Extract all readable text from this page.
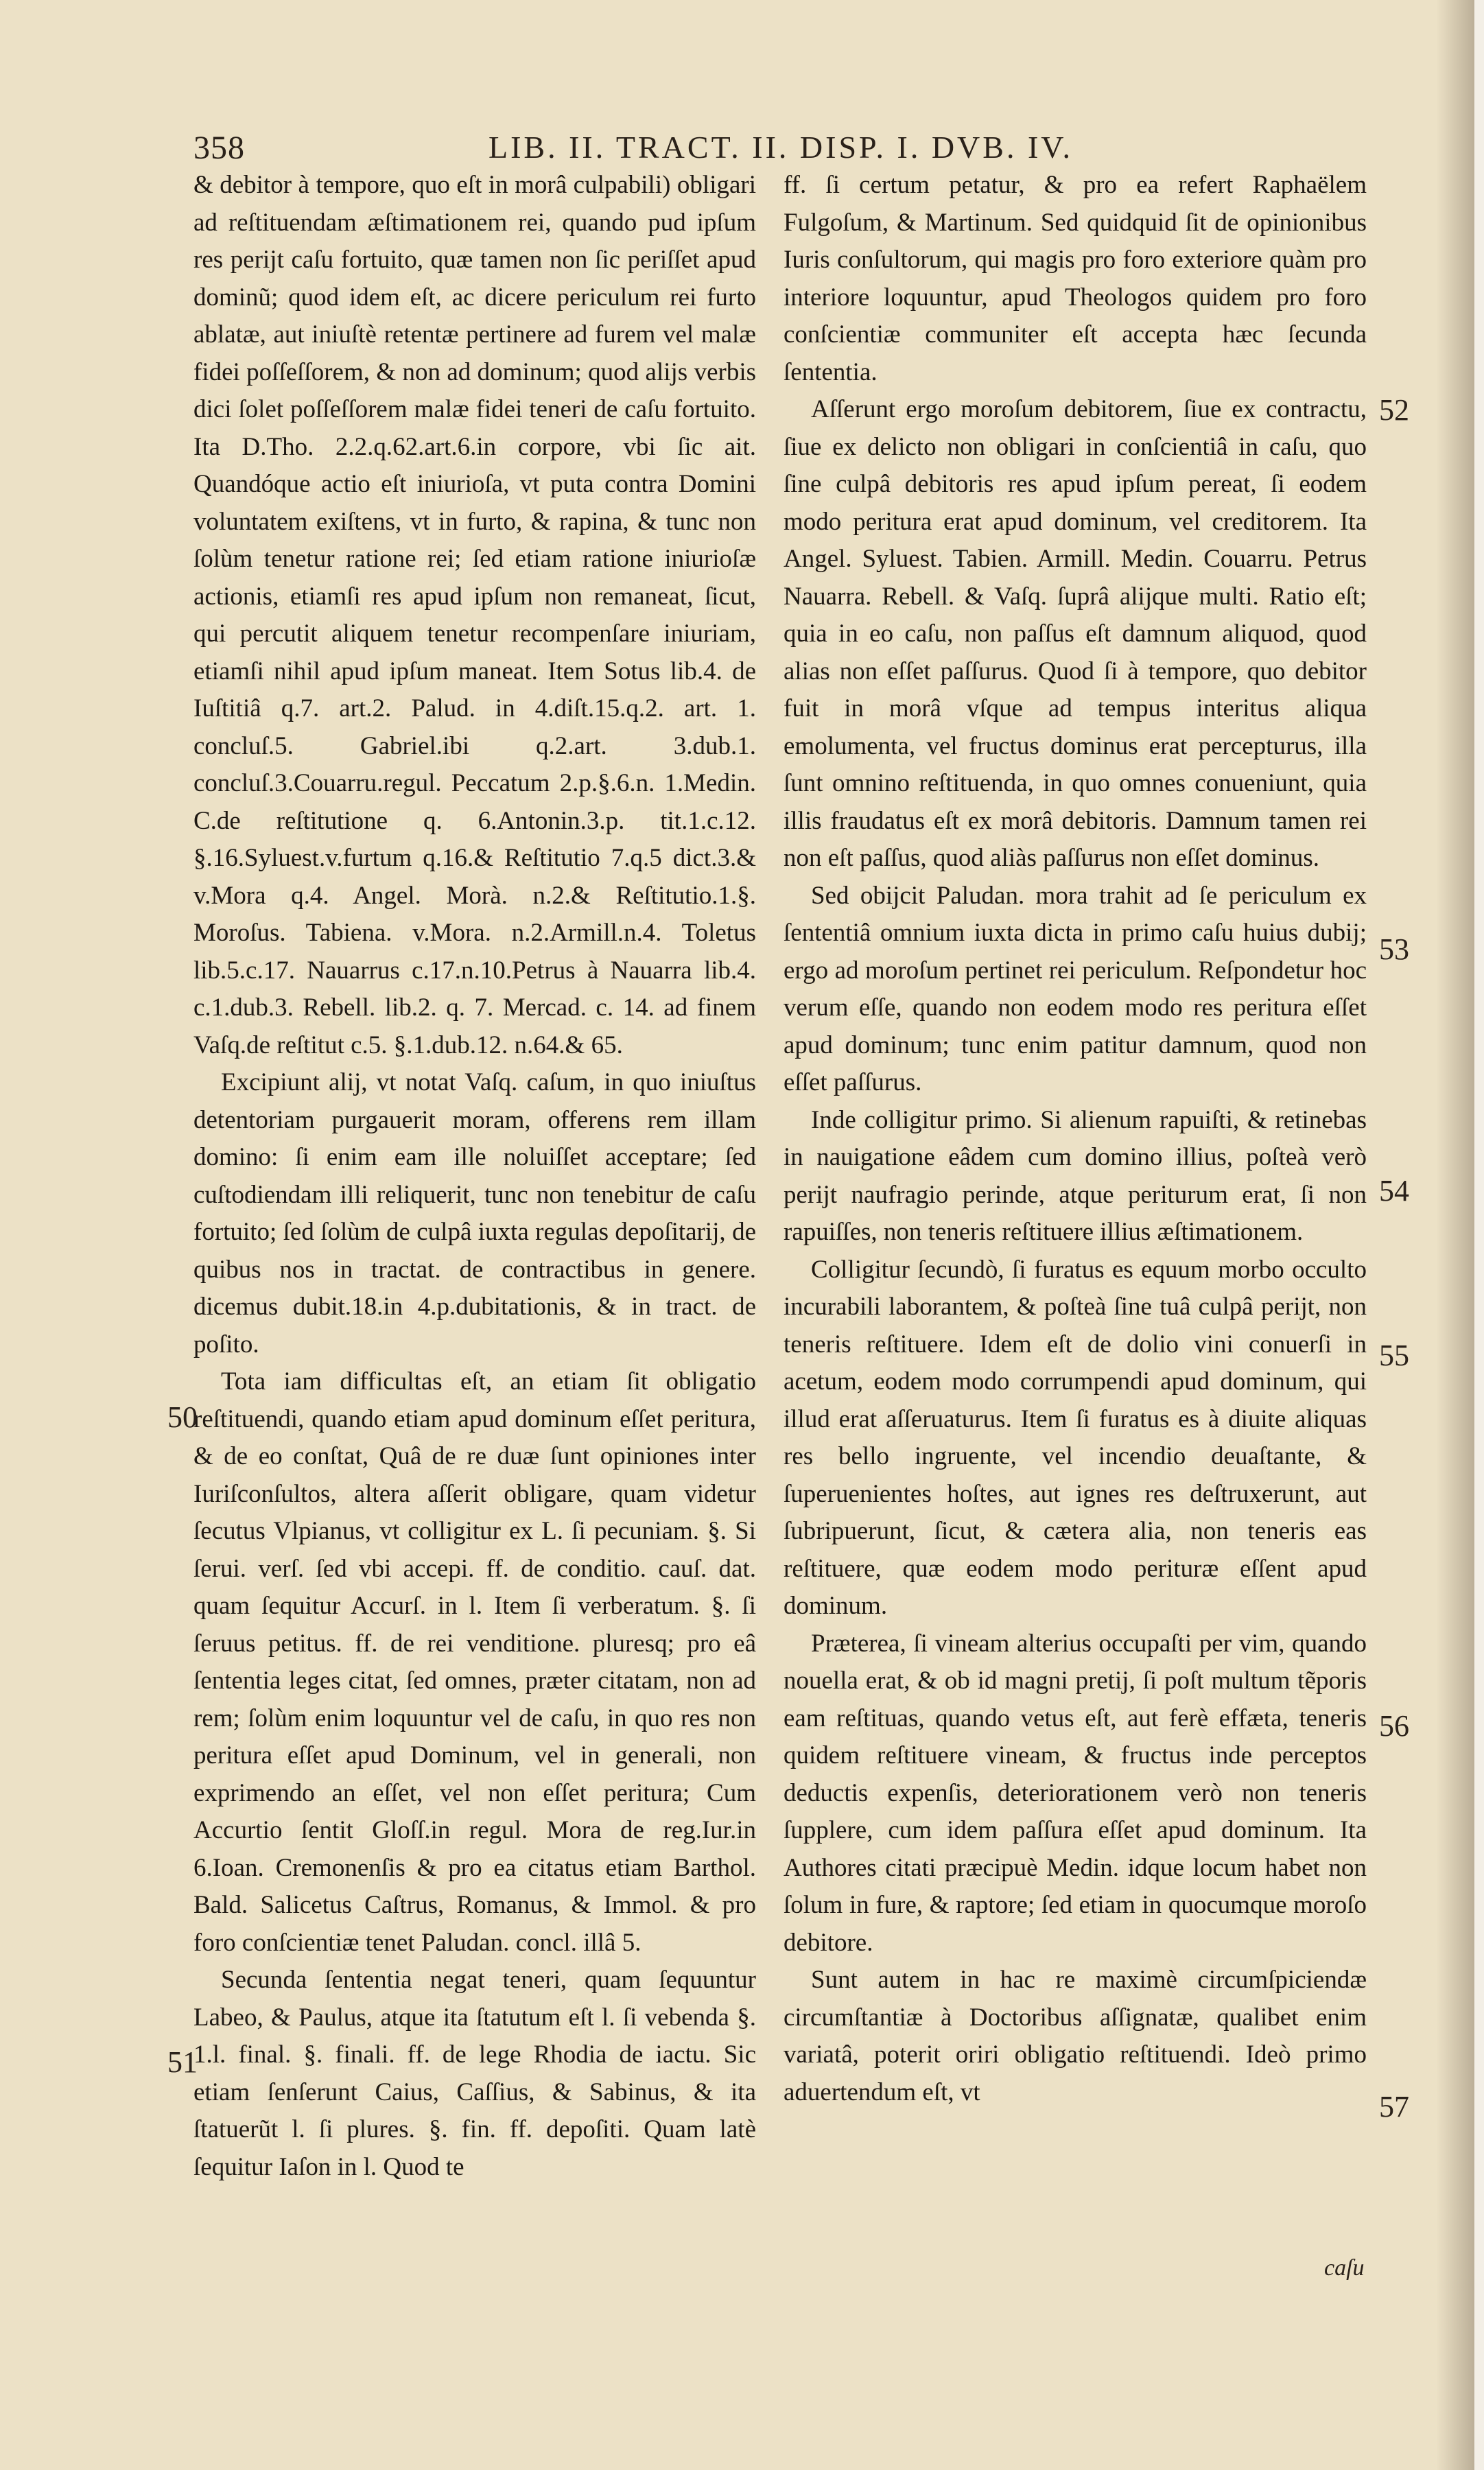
358	LIB. II. TRACT. II. DISP. I. DVB. IV.

& debitor à tempore, quo eſt in morâ culpabili) obligari ad reſtituendam æſtimationem rei, quando pud ipſum res perijt caſu fortuito, quæ tamen non ſic periſſet apud dominũ; quod idem eſt, ac dicere periculum rei furto ablatæ, aut iniuſtè retentæ pertinere ad furem vel malæ fidei poſſeſſorem, & non ad dominum; quod alijs verbis dici ſolet poſſeſſorem malæ fidei teneri de caſu fortuito. Ita D.Tho. 2.2.q.62.art.6.in corpore, vbi ſic ait. Quandóque actio eſt iniurioſa, vt puta contra Domini voluntatem exiſtens, vt in furto, & rapina, & tunc non ſolùm tenetur ratione rei; ſed etiam ratione iniurioſæ actionis, etiamſi res apud ipſum non remaneat, ſicut, qui percutit aliquem tenetur recompenſare iniuriam, etiamſi nihil apud ipſum maneat. Item Sotus lib.4. de Iuſtitiâ q.7. art.2. Palud. in 4.diſt.15.q.2. art. 1. concluſ.5. Gabriel.ibi q.2.art. 3.dub.1. concluſ.3.Couarru.regul. Peccatum 2.p.§.6.n. 1.Medin. C.de reſtitutione q. 6.Antonin.3.p. tit.1.c.12. §.16.Syluest.v.furtum q.16.& Reſtitutio 7.q.5 dict.3.& v.Mora q.4. Angel. Morà. n.2.& Reſtitutio.1.§. Moroſus. Tabiena. v.Mora. n.2.Armill.n.4. Toletus lib.5.c.17. Nauarrus c.17.n.10.Petrus à Nauarra lib.4. c.1.dub.3. Rebell. lib.2. q. 7. Mercad. c. 14. ad finem Vaſq.de reſtitut c.5. §.1.dub.12. n.64.& 65.

Excipiunt alij, vt notat Vaſq. caſum, in quo iniuſtus detentoriam purgauerit moram, offerens rem illam domino: ſi enim eam ille noluiſſet acceptare; ſed cuſtodiendam illi reliquerit, tunc non tenebitur de caſu fortuito; ſed ſolùm de culpâ iuxta regulas depoſitarij, de quibus nos in tractat. de contractibus in genere. dicemus dubit.18.in 4.p.dubitationis, & in tract. de poſito.

Tota iam difficultas eſt, an etiam ſit obligatio reſtituendi, quando etiam apud dominum eſſet peritura, & de eo conſtat, Quâ de re duæ ſunt opiniones inter Iuriſconſultos, altera aſſerit obligare, quam videtur ſecutus Vlpianus, vt colligitur ex L. ſi pecuniam. §. Si ſerui. verſ. ſed vbi accepi. ff. de conditio. cauſ. dat. quam ſequitur Accurſ. in l. Item ſi verberatum. §. ſi ſeruus petitus. ff. de rei venditione. pluresq; pro eâ ſententia leges citat, ſed omnes, præter citatam, non ad rem; ſolùm enim loquuntur vel de caſu, in quo res non peritura eſſet apud Dominum, vel in generali, non exprimendo an eſſet, vel non eſſet peritura; Cum Accurtio ſentit Gloſſ.in regul. Mora de reg.Iur.in 6.Ioan. Cremonenſis & pro ea citatus etiam Barthol. Bald. Salicetus Caſtrus, Romanus, & Immol. & pro foro conſcientiæ tenet Paludan. concl. illâ 5.

Secunda ſententia negat teneri, quam ſequuntur Labeo, & Paulus, atque ita ſtatutum eſt l. ſi vebenda §. 1.l. final. §. finali. ff. de lege Rhodia de iactu. Sic etiam ſenſerunt Caius, Caſſius, & Sabinus, & ita ſtatuerũt l. ſi plures. §. fin. ff. depoſiti. Quam latè ſequitur Iaſon in l. Quod te

ff. ſi certum petatur, & pro ea refert Raphaëlem Fulgoſum, & Martinum. Sed quidquid ſit de opinionibus Iuris conſultorum, qui magis pro foro exteriore quàm pro interiore loquuntur, apud Theologos quidem pro foro conſcientiæ communiter eſt accepta hæc ſecunda ſententia.

Aſſerunt ergo moroſum debitorem, ſiue ex contractu, ſiue ex delicto non obligari in conſcientiâ in caſu, quo ſine culpâ debitoris res apud ipſum pereat, ſi eodem modo peritura erat apud dominum, vel creditorem. Ita Angel. Syluest. Tabien. Armill. Medin. Couarru. Petrus Nauarra. Rebell. & Vaſq. ſuprâ alijque multi. Ratio eſt; quia in eo caſu, non paſſus eſt damnum aliquod, quod alias non eſſet paſſurus. Quod ſi à tempore, quo debitor fuit in morâ vſque ad tempus interitus aliqua emolumenta, vel fructus dominus erat percepturus, illa ſunt omnino reſtituenda, in quo omnes conueniunt, quia illis fraudatus eſt ex morâ debitoris. Damnum tamen rei non eſt paſſus, quod aliàs paſſurus non eſſet dominus.

Sed obijcit Paludan. mora trahit ad ſe periculum ex ſententiâ omnium iuxta dicta in primo caſu huius dubij; ergo ad moroſum pertinet rei periculum. Reſpondetur hoc verum eſſe, quando non eodem modo res peritura eſſet apud dominum; tunc enim patitur damnum, quod non eſſet paſſurus.

Inde colligitur primo. Si alienum rapuiſti, & retinebas in nauigatione eâdem cum domino illius, poſteà verò perijt naufragio perinde, atque periturum erat, ſi non rapuiſſes, non teneris reſtituere illius æſtimationem.

Colligitur ſecundò, ſi furatus es equum morbo occulto incurabili laborantem, & poſteà ſine tuâ culpâ perijt, non teneris reſtituere. Idem eſt de dolio vini conuerſi in acetum, eodem modo corrumpendi apud dominum, qui illud erat aſſeruaturus. Item ſi furatus es à diuite aliquas res bello ingruente, vel incendio deuaſtante, & ſuperuenientes hoſtes, aut ignes res deſtruxerunt, aut ſubripuerunt, ſicut, & cætera alia, non teneris eas reſtituere, quæ eodem modo perituræ eſſent apud dominum.

Præterea, ſi vineam alterius occupaſti per vim, quando nouella erat, & ob id magni pretij, ſi poſt multum tẽporis eam reſtituas, quando vetus eſt, aut ferè effæta, teneris quidem reſtituere vineam, & fructus inde perceptos deductis expenſis, deteriorationem verò non teneris ſupplere, cum idem paſſura eſſet apud dominum. Ita Authores citati præcipuè Medin. idque locum habet non ſolum in fure, & raptore; ſed etiam in quocumque moroſo debitore.

Sunt autem in hac re maximè circumſpiciendæ circumſtantiæ à Doctoribus aſſignatæ, qualibet enim variatâ, poterit oriri obligatio reſtituendi. Ideò primo aduertendum eſt, vt

50
51
52
53
54
55
56
57
caſu
